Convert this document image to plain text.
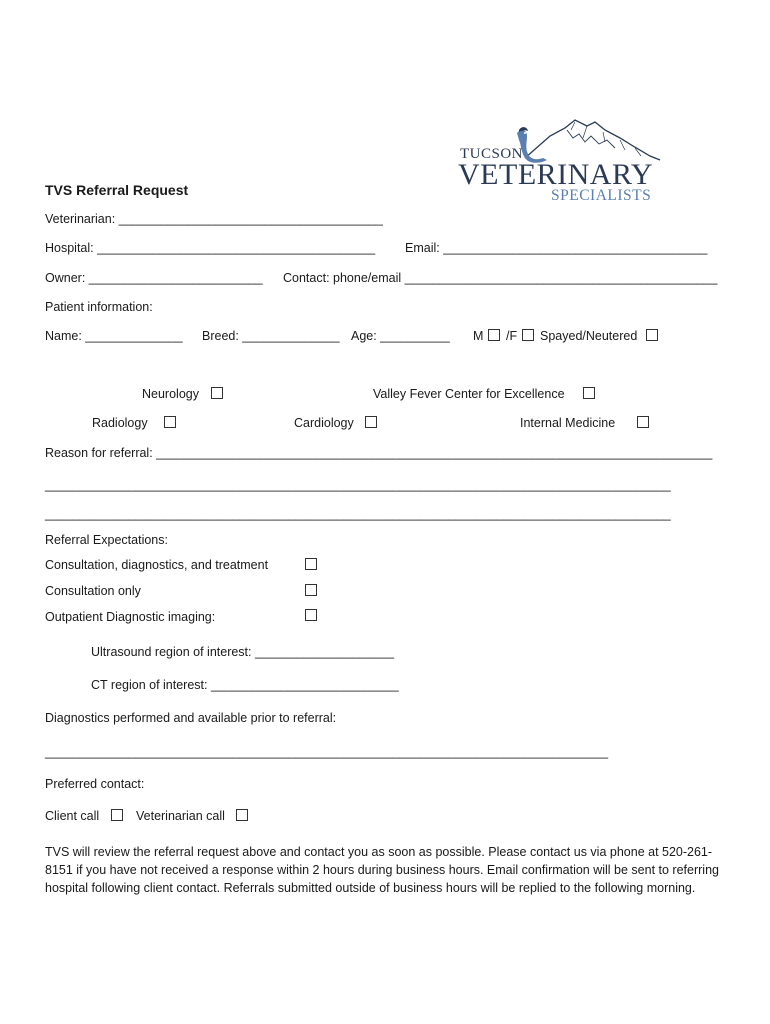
TUCSON
VETERINARY
SPECIALISTS
TVS Referral Request
Veterinarian: ______________________________________
Hospital: ________________________________________ Email: ______________________________________
Owner: _________________________ Contact: phone/email _____________________________________________
Patient information:
Name: ______________ Breed: ______________ Age: __________ M /F Spayed/Neutered
Neurology	Valley Fever Center for Excellence
Radiology	Cardiology	Internal Medicine
Reason for referral: ________________________________________________________________________________
__________________________________________________________________________________________
__________________________________________________________________________________________
Referral Expectations:
Consultation, diagnostics, and treatment
Consultation only
Outpatient Diagnostic imaging:
Ultrasound region of interest: ____________________
CT region of interest: ___________________________
Diagnostics performed and available prior to referral:
_________________________________________________________________________________
Preferred contact:
Client call	Veterinarian call
TVS will review the referral request above and contact you as soon as possible. Please contact us via phone at 520-261-8151 if you have not received a response within 2 hours during business hours. Email confirmation will be sent to referring hospital following client contact. Referrals submitted outside of business hours will be replied to the following morning.
